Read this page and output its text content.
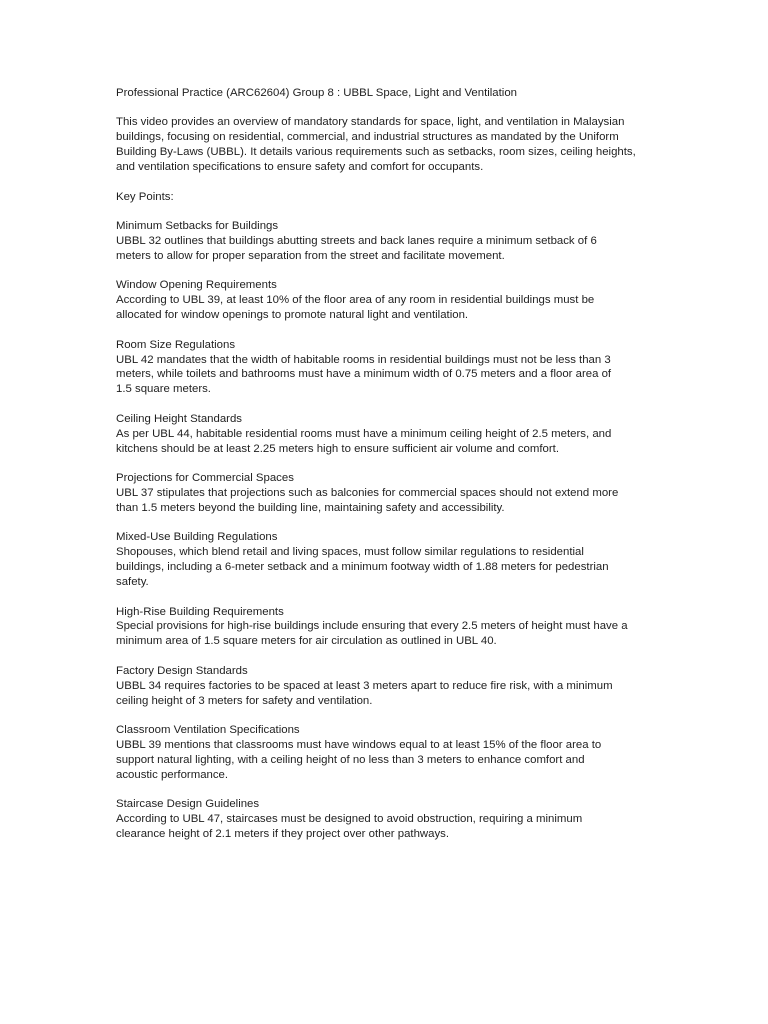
Professional Practice (ARC62604) Group 8 : UBBL Space, Light and Ventilation
This video provides an overview of mandatory standards for space, light, and ventilation in Malaysian
buildings, focusing on residential, commercial, and industrial structures as mandated by the Uniform
Building By-Laws (UBBL). It details various requirements such as setbacks, room sizes, ceiling heights,
and ventilation specifications to ensure safety and comfort for occupants.
Key Points:
Minimum Setbacks for Buildings
UBBL 32 outlines that buildings abutting streets and back lanes require a minimum setback of 6
meters to allow for proper separation from the street and facilitate movement.
Window Opening Requirements
According to UBL 39, at least 10% of the floor area of any room in residential buildings must be
allocated for window openings to promote natural light and ventilation.
Room Size Regulations
UBL 42 mandates that the width of habitable rooms in residential buildings must not be less than 3
meters, while toilets and bathrooms must have a minimum width of 0.75 meters and a floor area of
1.5 square meters.
Ceiling Height Standards
As per UBL 44, habitable residential rooms must have a minimum ceiling height of 2.5 meters, and
kitchens should be at least 2.25 meters high to ensure sufficient air volume and comfort.
Projections for Commercial Spaces
UBL 37 stipulates that projections such as balconies for commercial spaces should not extend more
than 1.5 meters beyond the building line, maintaining safety and accessibility.
Mixed-Use Building Regulations
Shopouses, which blend retail and living spaces, must follow similar regulations to residential
buildings, including a 6-meter setback and a minimum footway width of 1.88 meters for pedestrian
safety.
High-Rise Building Requirements
Special provisions for high-rise buildings include ensuring that every 2.5 meters of height must have a
minimum area of 1.5 square meters for air circulation as outlined in UBL 40.
Factory Design Standards
UBBL 34 requires factories to be spaced at least 3 meters apart to reduce fire risk, with a minimum
ceiling height of 3 meters for safety and ventilation.
Classroom Ventilation Specifications
UBBL 39 mentions that classrooms must have windows equal to at least 15% of the floor area to
support natural lighting, with a ceiling height of no less than 3 meters to enhance comfort and
acoustic performance.
Staircase Design Guidelines
According to UBL 47, staircases must be designed to avoid obstruction, requiring a minimum
clearance height of 2.1 meters if they project over other pathways.
